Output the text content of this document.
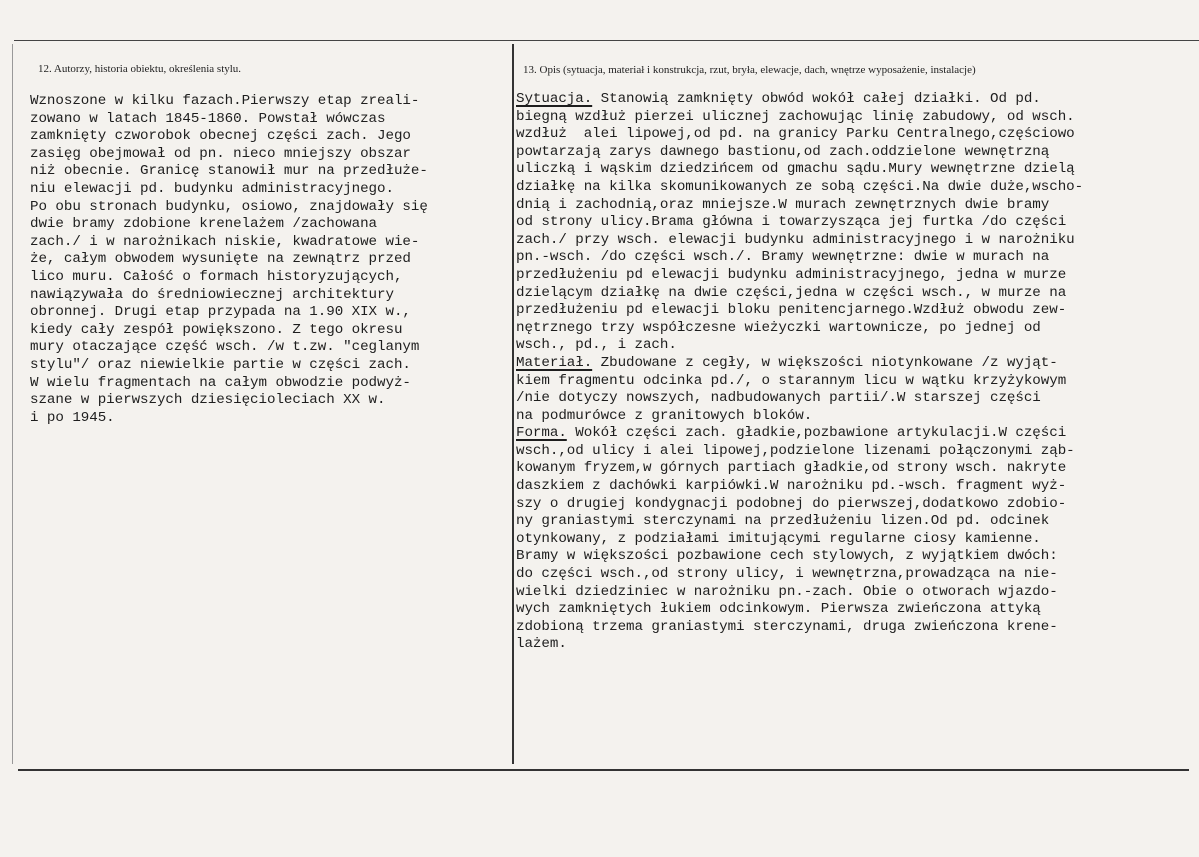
12. Autorzy, historia obiektu, określenia stylu.	13. Opis (sytuacja, materiał i konstrukcja, rzut, bryła, elewacje, dach, wnętrze wyposażenie, instalacje)
Wznoszone w kilku fazach.Pierwszy etap zreali-
zowano w latach 1845-1860. Powstał wówczas
zamknięty czworobok obecnej części zach. Jego
zasięg obejmował od pn. nieco mniejszy obszar
niż obecnie. Granicę stanowił mur na przedłuże-
niu elewacji pd. budynku administracyjnego.
Po obu stronach budynku, osiowo, znajdowały się
dwie bramy zdobione krenelażem /zachowana
zach./ i w narożnikach niskie, kwadratowe wie-
że, całym obwodem wysunięte na zewnątrz przed
lico muru. Całość o formach historyzujących,
nawiązywała do średniowiecznej architektury
obronnej. Drugi etap przypada na 1.90 XIX w.,
kiedy cały zespół powiększono. Z tego okresu
mury otaczające część wsch. /w t.zw. "ceglanym
stylu"/ oraz niewielkie partie w części zach.
W wielu fragmentach na całym obwodzie podwyż-
szane w pierwszych dziesięcioleciach XX w.
i po 1945.
Sytuacja. Stanowią zamknięty obwód wokół całej działki. Od pd.
biegną wzdłuż pierzei ulicznej zachowując linię zabudowy, od wsch.
wzdłuż  alei lipowej,od pd. na granicy Parku Centralnego,częściowo
powtarzają zarys dawnego bastionu,od zach.oddzielone wewnętrzną
uliczką i wąskim dziedzińcem od gmachu sądu.Mury wewnętrzne dzielą
działkę na kilka skomunikowanych ze sobą części.Na dwie duże,wscho-
dnią i zachodnią,oraz mniejsze.W murach zewnętrznych dwie bramy
od strony ulicy.Brama główna i towarzysząca jej furtka /do części
zach./ przy wsch. elewacji budynku administracyjnego i w narożniku
pn.-wsch. /do części wsch./. Bramy wewnętrzne: dwie w murach na
przedłużeniu pd elewacji budynku administracyjnego, jedna w murze
dzielącym działkę na dwie części,jedna w części wsch., w murze na
przedłużeniu pd elewacji bloku penitencjarnego.Wzdłuż obwodu zew-
nętrznego trzy współczesne wieżyczki wartownicze, po jednej od
wsch., pd., i zach.
Materiał. Zbudowane z cegły, w większości niotynkowane /z wyjąt-
kiem fragmentu odcinka pd./, o starannym licu w wątku krzyżykowym
/nie dotyczy nowszych, nadbudowanych partii/.W starszej części
na podmurówce z granitowych bloków.
Forma. Wokół części zach. gładkie,pozbawione artykulacji.W części
wsch.,od ulicy i alei lipowej,podzielone lizenami połączonymi ząb-
kowanym fryzem,w górnych partiach gładkie,od strony wsch. nakryte
daszkiem z dachówki karpiówki.W narożniku pd.-wsch. fragment wyż-
szy o drugiej kondygnacji podobnej do pierwszej,dodatkowo zdobio-
ny graniastymi sterczynami na przedłużeniu lizen.Od pd. odcinek
otynkowany, z podziałami imitującymi regularne ciosy kamienne.
Bramy w większości pozbawione cech stylowych, z wyjątkiem dwóch:
do części wsch.,od strony ulicy, i wewnętrzna,prowadząca na nie-
wielki dziedziniec w narożniku pn.-zach. Obie o otworach wjazdo-
wych zamkniętych łukiem odcinkowym. Pierwsza zwieńczona attyką
zdobioną trzema graniastymi sterczynami, druga zwieńczona krene-
lażem.
